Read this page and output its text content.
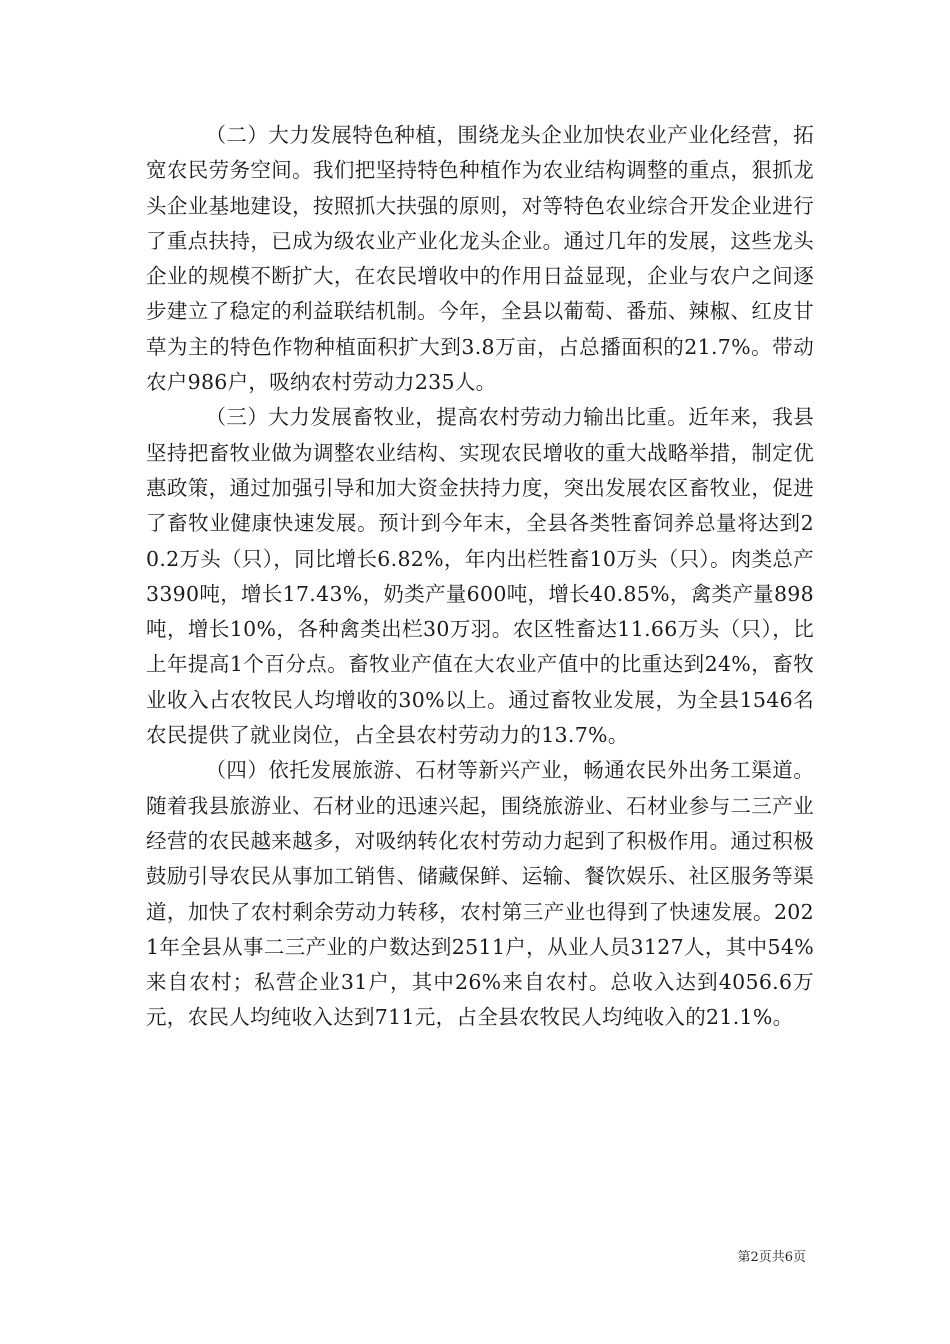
（二）大力发展特色种植，围绕龙头企业加快农业产业化经营，拓宽农民劳务空间。我们把坚持特色种植作为农业结构调整的重点，狠抓龙头企业基地建设，按照抓大扶强的原则，对等特色农业综合开发企业进行了重点扶持，已成为级农业产业化龙头企业。通过几年的发展，这些龙头企业的规模不断扩大，在农民增收中的作用日益显现，企业与农户之间逐步建立了稳定的利益联结机制。今年，全县以葡萄、番茄、辣椒、红皮甘草为主的特色作物种植面积扩大到3.8万亩，占总播面积的21.7%。带动农户986户，吸纳农村劳动力235人。

（三）大力发展畜牧业，提高农村劳动力输出比重。近年来，我县坚持把畜牧业做为调整农业结构、实现农民增收的重大战略举措，制定优惠政策，通过加强引导和加大资金扶持力度，突出发展农区畜牧业，促进了畜牧业健康快速发展。预计到今年末，全县各类牲畜饲养总量将达到20.2万头（只），同比增长6.82%，年内出栏牲畜10万头（只）。肉类总产3390吨，增长17.43%，奶类产量600吨，增长40.85%，禽类产量898吨，增长10%，各种禽类出栏30万羽。农区牲畜达11.66万头（只），比上年提高1个百分点。畜牧业产值在大农业产值中的比重达到24%，畜牧业收入占农牧民人均增收的30%以上。通过畜牧业发展，为全县1546名农民提供了就业岗位，占全县农村劳动力的13.7%。

（四）依托发展旅游、石材等新兴产业，畅通农民外出务工渠道。随着我县旅游业、石材业的迅速兴起，围绕旅游业、石材业参与二三产业经营的农民越来越多，对吸纳转化农村劳动力起到了积极作用。通过积极鼓励引导农民从事加工销售、储藏保鲜、运输、餐饮娱乐、社区服务等渠道，加快了农村剩余劳动力转移，农村第三产业也得到了快速发展。2021年全县从事二三产业的户数达到2511户，从业人员3127人，其中54%来自农村；私营企业31户，其中26%来自农村。总收入达到4056.6万元，农民人均纯收入达到711元，占全县农牧民人均纯收入的21.1%。

第2页共6页
